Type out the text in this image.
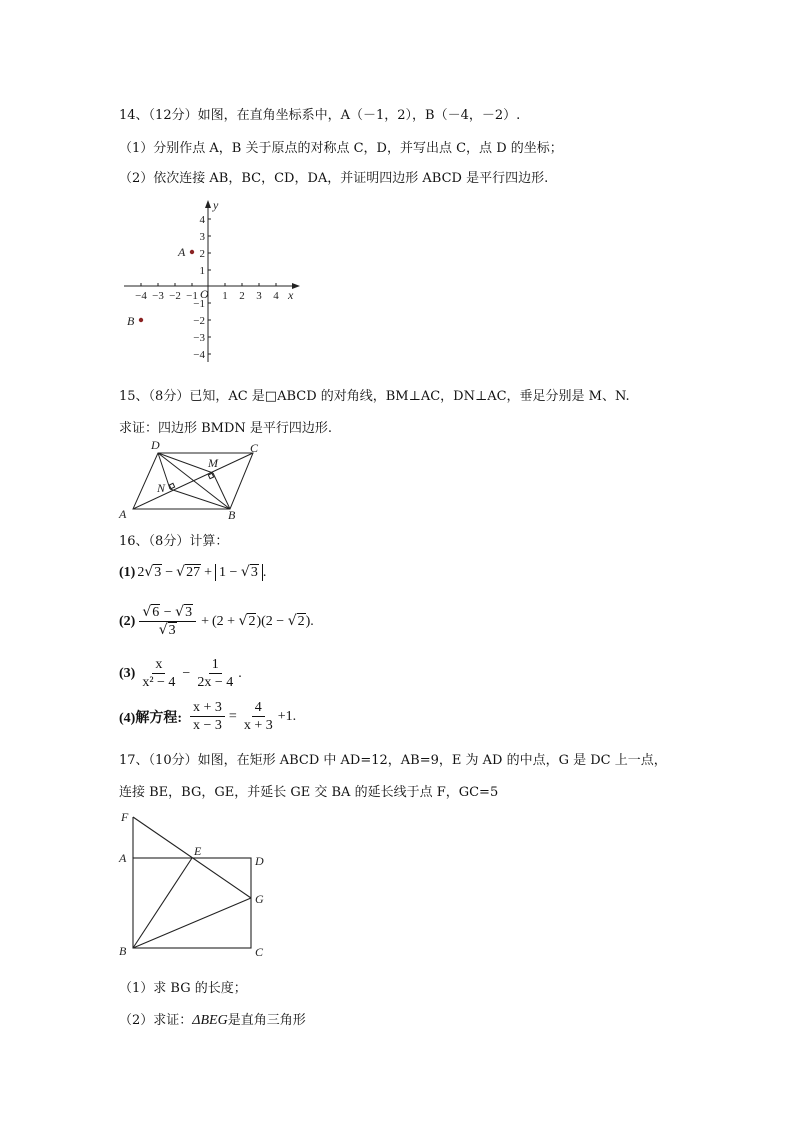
14、（12分）如图，在直角坐标系中，A（－1，2），B（－4，－2）.
（1）分别作点 A，B 关于原点的对称点 C，D，并写出点 C，点 D 的坐标；
（2）依次连接 AB，BC，CD，DA，并证明四边形 ABCD 是平行四边形.
−4 −3 −2 −1 1 2 3 4
4
3
2
1
−1
−2
−3
−4
O	x
y
A
B
15、（8分）已知，AC 是□ABCD 的对角线，BM⊥AC，DN⊥AC，垂足分别是 M、N.
求证：四边形 BMDN 是平行四边形.
A	B
C
D
M
N
16、（8分）计算：
(1) 2 √3 − √27 + 1 − √3 .
$(2) \frac{√6 - √3}{√3} + (2 + √2) (2 - √2)$ .
$(3) \frac{x}{\text{x² − 4}} - \frac{1}{2x - 4}$ .
(4)解方程: $\frac{x + 3}{x - 3} = \frac{4}{x + 3} +1$ .
17、（10分）如图，在矩形 ABCD 中 AD=12，AB=9，E 为 AD 的中点，G 是 DC 上一点，
连接 BE，BG，GE，并延长 GE 交 BA 的延长线于点 F，GC=5
F
A	E
D
G
B	C
（1）求 BG 的长度；
（2）求证：ΔBEG是直角三角形
